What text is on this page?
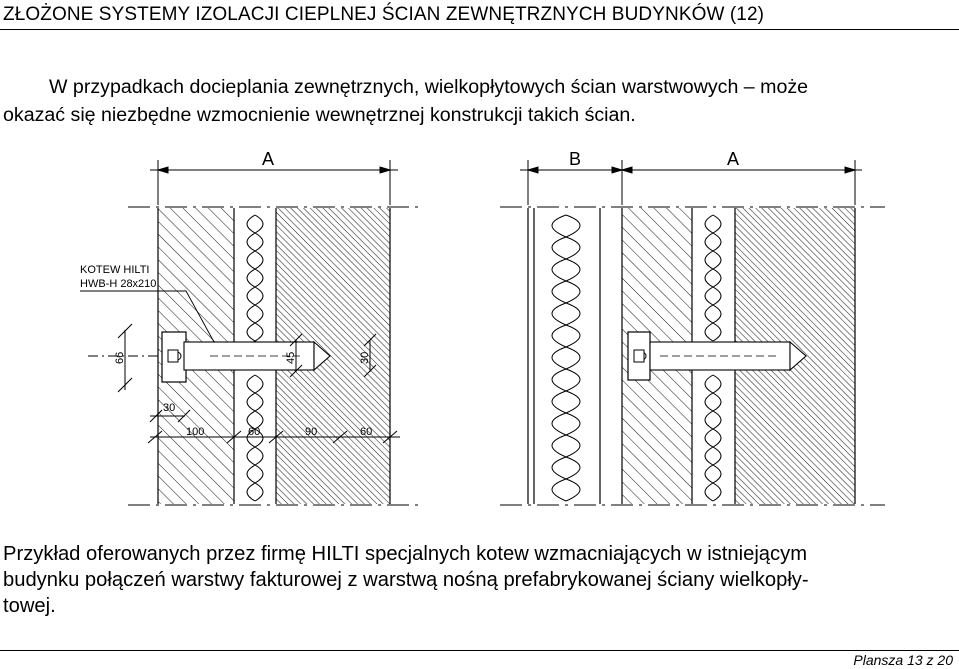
ZŁOŻONE SYSTEMY IZOLACJI CIEPLNEJ ŚCIAN ZEWNĘTRZNYCH BUDYNKÓW (12)
W przypadkach docieplania zewnętrznych, wielkopłytowych ścian warstwowych – może
okazać się niezbędne wzmocnienie wewnętrznej konstrukcji takich ścian.
A	B	A
KOTEW HILTI
HWB-H 28x210
66	45	30
30
100	60	90	60
Przykład oferowanych przez firmę HILTI specjalnych kotew wzmacniających w istniejącym
budynku połączeń warstwy fakturowej z warstwą nośną prefabrykowanej ściany wielkopły-
towej.
Plansza 13 z 20
